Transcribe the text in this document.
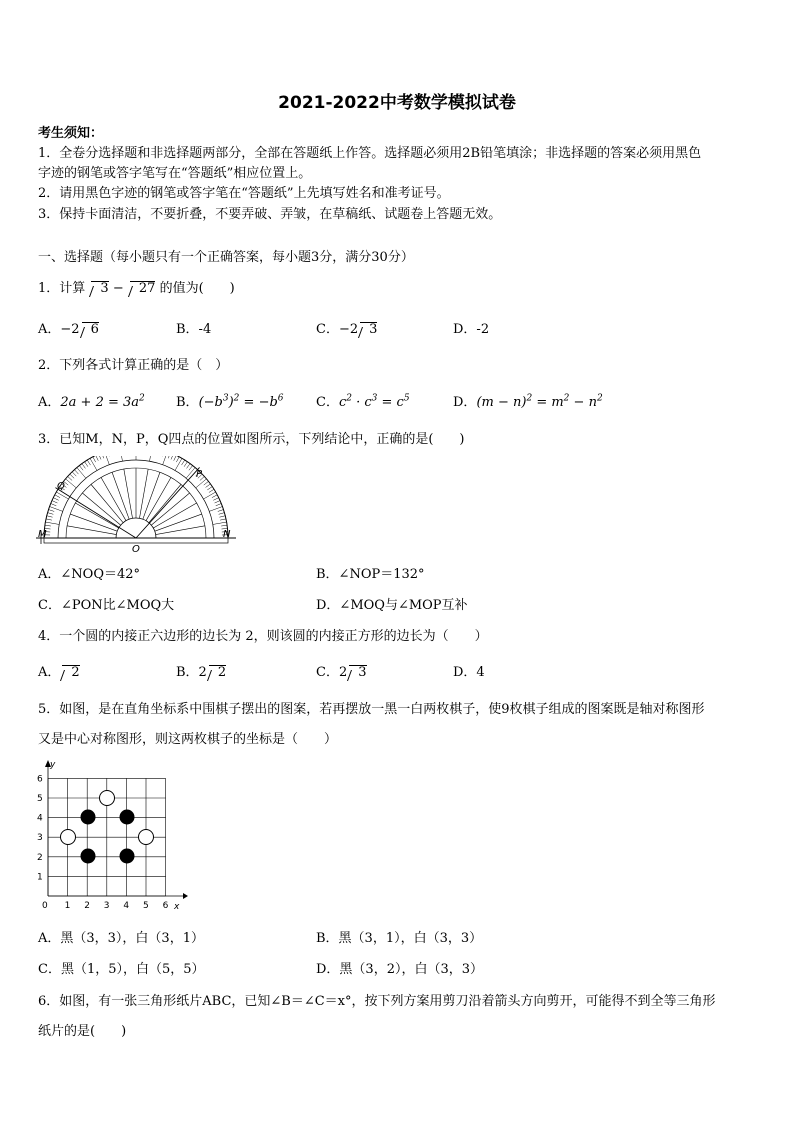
2021-2022中考数学模拟试卷
考生须知：
1．全卷分选择题和非选择题两部分，全部在答题纸上作答。选择题必须用2B铅笔填涂；非选择题的答案必须用黑色
字迹的钢笔或答字笔写在“答题纸”相应位置上。
2．请用黑色字迹的钢笔或答字笔在“答题纸”上先填写姓名和准考证号。
3．保持卡面清洁，不要折叠，不要弄破、弄皱，在草稿纸、试题卷上答题无效。
一、选择题（每小题只有一个正确答案，每小题3分，满分30分）
1．计算 3 − 27 的值为(　　)
A．−2 6	B．-4	C．−2 3	D．-2
2．下列各式计算正确的是（　）
A．$2a + 2 = 3a^2$ B．$(-b^3)^2 = -b^6$ C．$c^2 \cdot c^3 = c^5$	D．$(m - n)^2 = m^2 - n^2$
3．已知M，N，P，Q四点的位置如图所示，下列结论中，正确的是(　　)
M	N
P
Q
O
A．∠NOQ＝42°	B．∠NOP＝132°
C．∠PON比∠MOQ大	D．∠MOQ与∠MOP互补
4．一个圆的内接正六边形的边长为 2，则该圆的内接正方形的边长为（　　）
A． 2	B．2 2	C．2 3	D．4
5．如图，是在直角坐标系中围棋子摆出的图案，若再摆放一黑一白两枚棋子，使9枚棋子组成的图案既是轴对称图形
又是中心对称图形，则这两枚棋子的坐标是（　　）
x
y
0 1 2 3 4 5 6
1
2
3
4
5
6
A．黑（3，3），白（3，1）	B．黑（3，1），白（3，3）
C．黑（1，5），白（5，5）	D．黑（3，2），白（3，3）
6．如图，有一张三角形纸片ABC，已知∠B＝∠C＝x°，按下列方案用剪刀沿着箭头方向剪开，可能得不到全等三角形
纸片的是(　　)
